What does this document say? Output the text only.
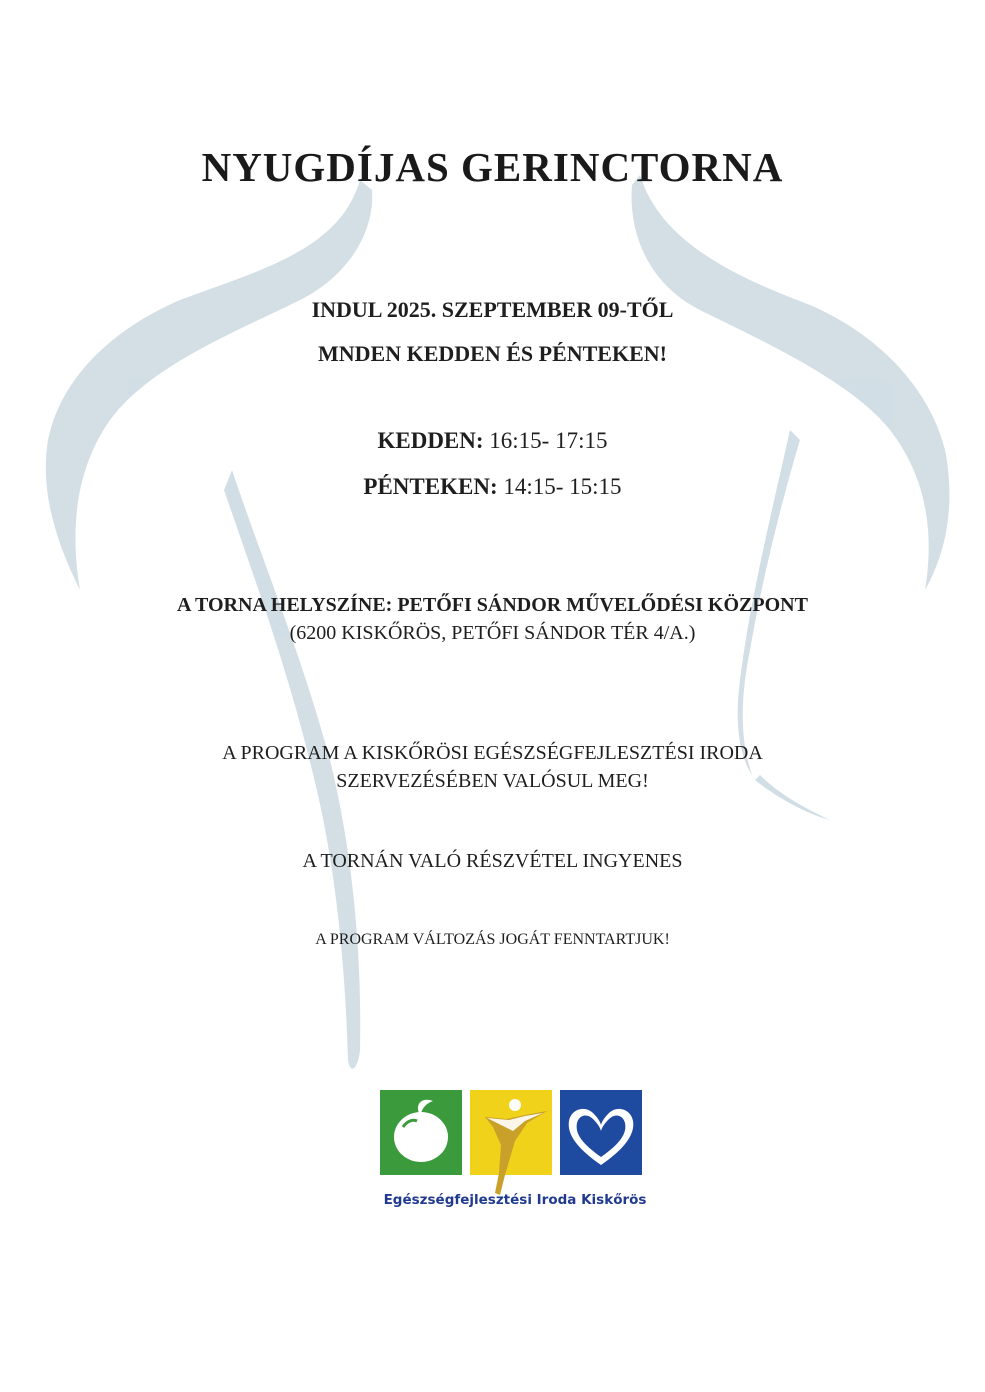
NYUGDÍJAS GERINCTORNA
INDUL 2025. SZEPTEMBER 09-TŐL
MNDEN KEDDEN ÉS PÉNTEKEN!
KEDDEN: 16:15- 17:15
PÉNTEKEN: 14:15- 15:15
A TORNA HELYSZÍNE: PETŐFI SÁNDOR MŰVELŐDÉSI KÖZPONT
(6200 KISKŐRÖS, PETŐFI SÁNDOR TÉR 4/A.)
A PROGRAM A KISKŐRÖSI EGÉSZSÉGFEJLESZTÉSI IRODA
SZERVEZÉSÉBEN VALÓSUL MEG!
A TORNÁN VALÓ RÉSZVÉTEL INGYENES
A PROGRAM VÁLTOZÁS JOGÁT FENNTARTJUK!
Egészségfejlesztési Iroda Kiskőrös
